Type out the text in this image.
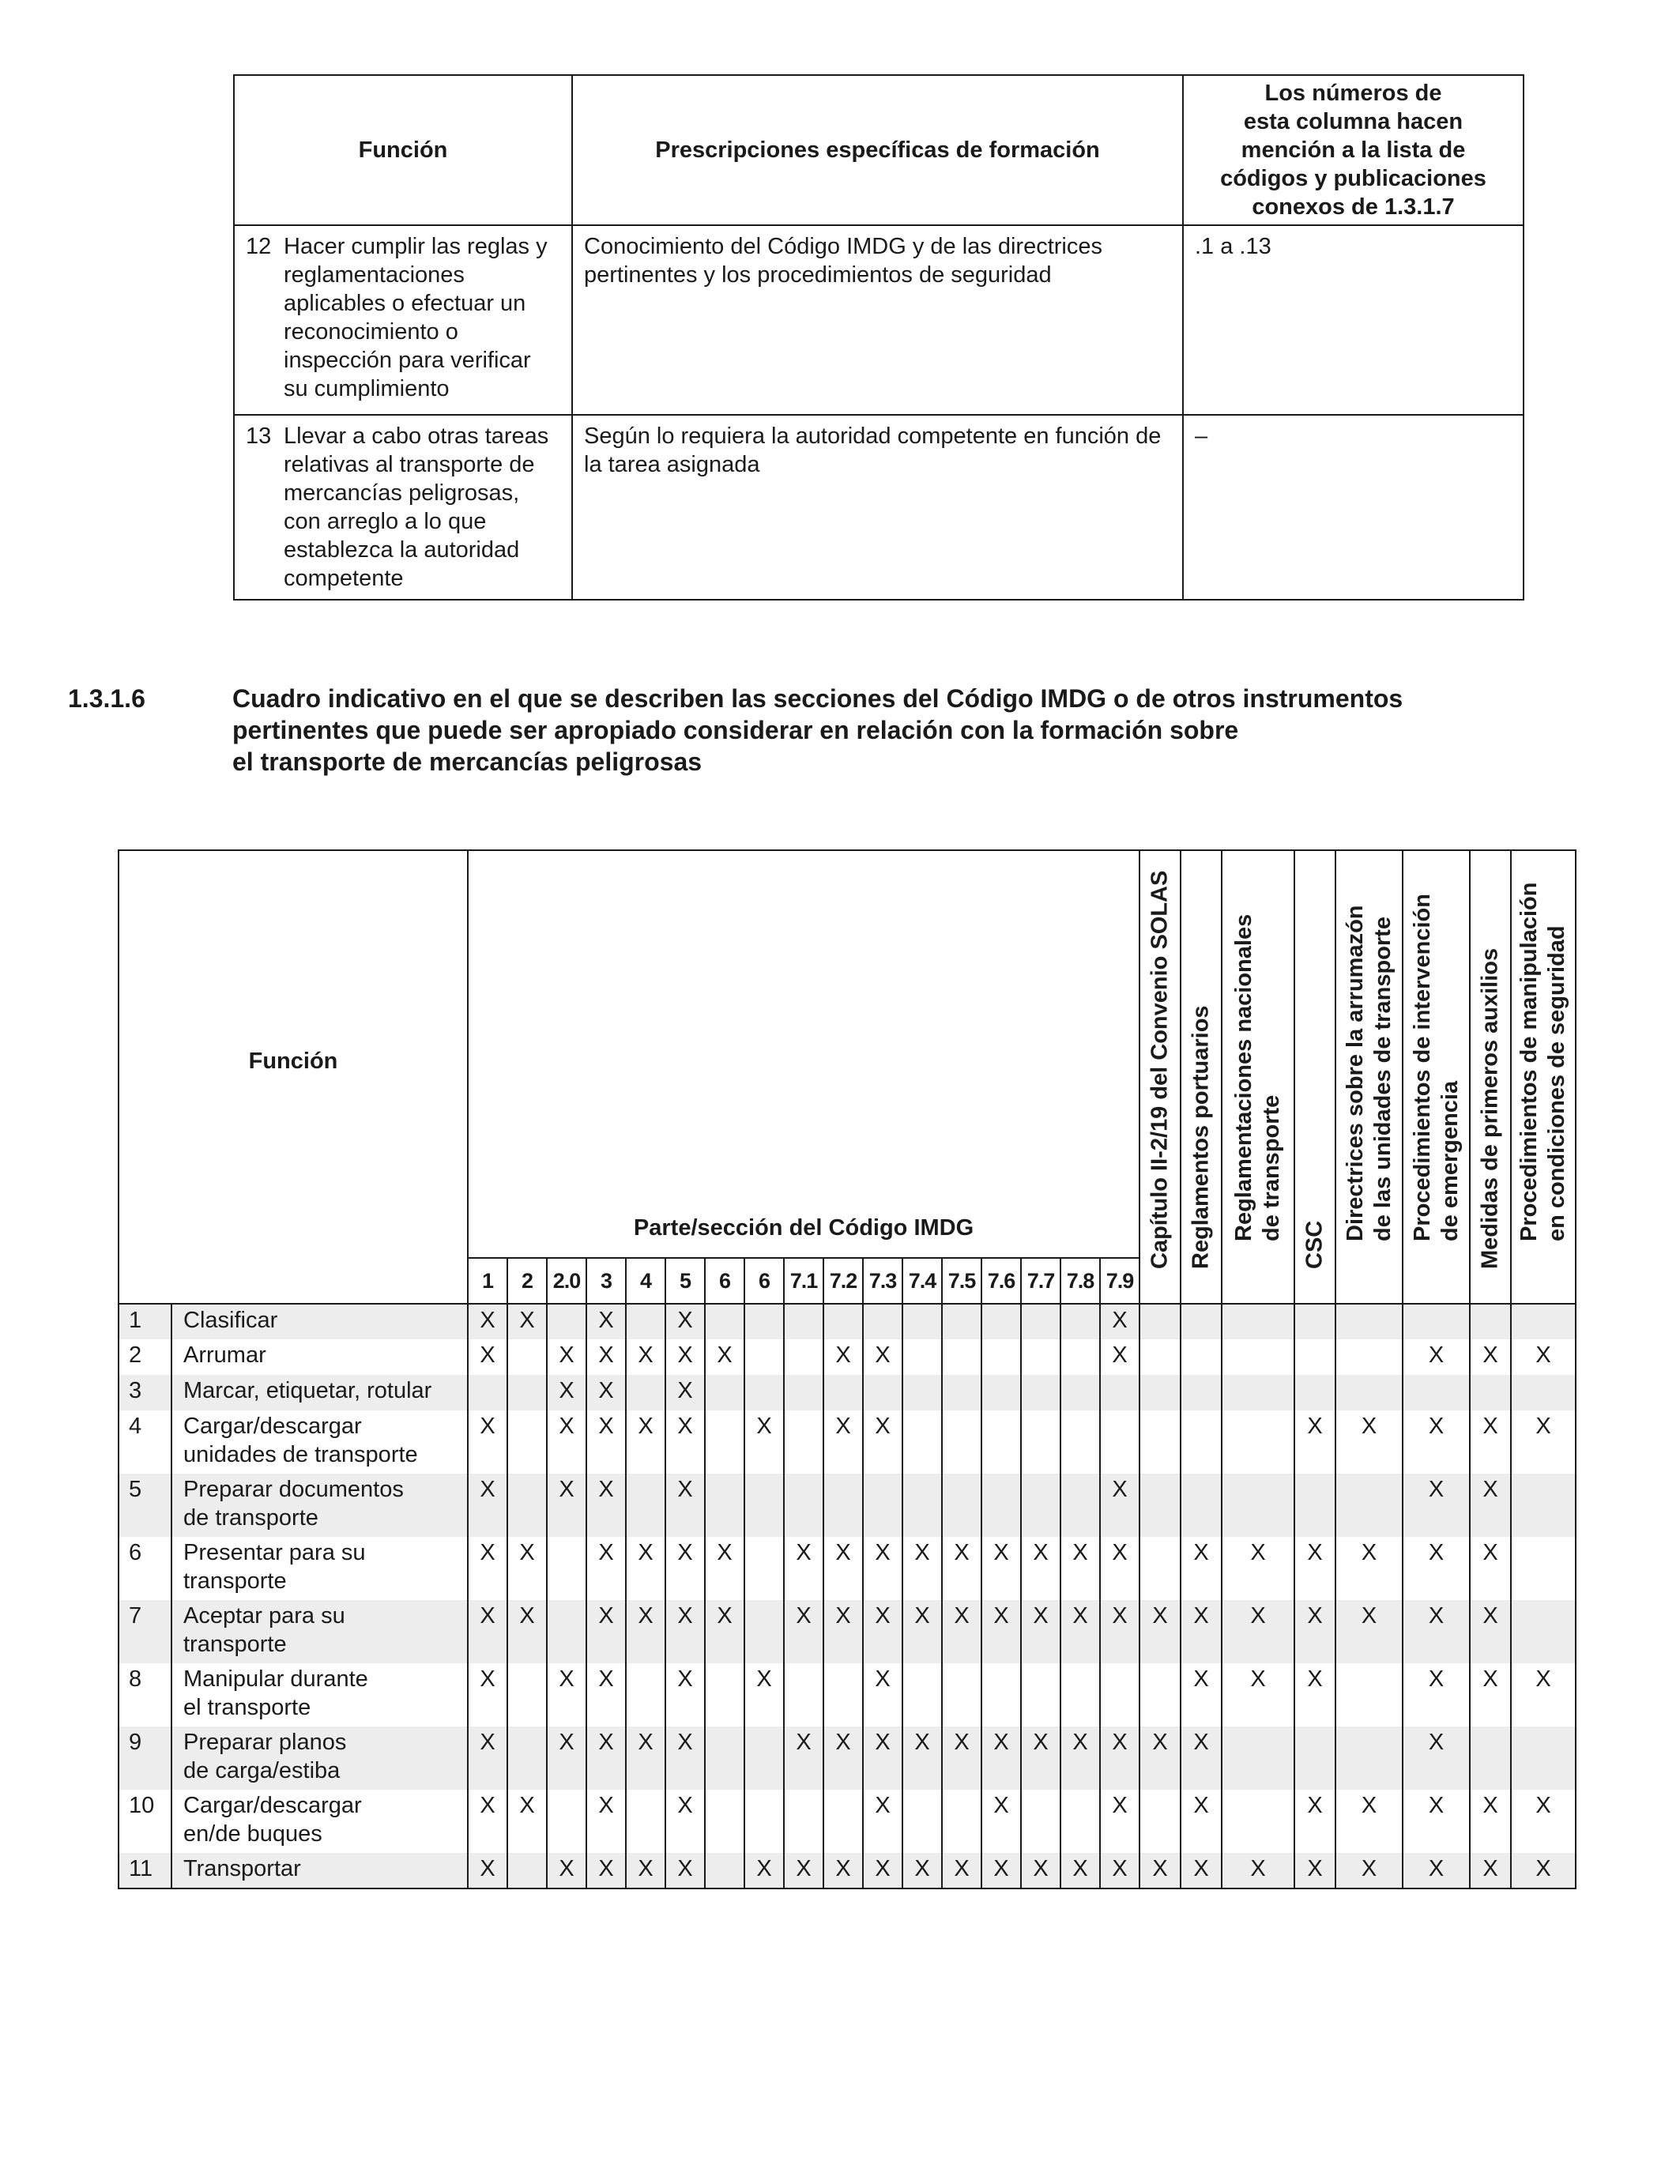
Función	Prescripciones específicas de formación	Los números de
esta columna hacen
mención a la lista de
códigos y publicaciones
conexos de 1.3.1.7

12 Hacer cumplir las reglas y reglamentaciones aplicables o efectuar un reconocimiento o inspección para verificar su cumplimiento	Conocimiento del Código IMDG y de las directrices pertinentes y los procedimientos de seguridad	.1 a .13

13 Llevar a cabo otras tareas relativas al transporte de mercancías peligrosas, con arreglo a lo que establezca la autoridad competente	Según lo requiera la autoridad competente en función de la tarea asignada	–
1.3.1.6	Cuadro indicativo en el que se describen las secciones del Código IMDG o de otros instrumentos
pertinentes que puede ser apropiado considerar en relación con la formación sobre
el transporte de mercancías peligrosas
Función		Parte/sección del Código IMDG																	Capítulo II-2/19 del Convenio SOLAS	Reglamentos portuarios	Reglamentaciones nacionales
de transporte	CSC	Directrices sobre la arrumazón
de las unidades de transporte	Procedimientos de intervención
de emergencia	Medidas de primeros auxilios	Procedimientos de manipulación
en condiciones de seguridad

		1	2	2.0	3	4	5	6	6	7.1	7.2	7.3	7.4	7.5	7.6	7.7	7.8	7.9								
1	Clasificar	X	X		X		X											X								
2	Arrumar	X		X	X	X	X	X			X	X						X						X	X	X
3	Marcar, etiquetar, rotular			X	X		X																			
4	Cargar/descargar
unidades de transporte	X		X	X	X	X		X		X	X										X	X	X	X	X
5	Preparar documentos
de transporte	X		X	X		X											X						X	X	
6	Presentar para su
transporte	X	X		X	X	X	X		X	X	X	X	X	X	X	X	X		X	X	X	X	X	X	
7	Aceptar para su
transporte	X	X		X	X	X	X		X	X	X	X	X	X	X	X	X	X	X	X	X	X	X	X	
8	Manipular durante
el transporte	X		X	X		X		X			X								X	X	X		X	X	X
9	Preparar planos
de carga/estiba	X		X	X	X	X			X	X	X	X	X	X	X	X	X	X	X				X		
10	Cargar/descargar
en/de buques	X	X		X		X					X			X			X		X		X	X	X	X	X
11	Transportar	X		X	X	X	X		X	X	X	X	X	X	X	X	X	X	X	X	X	X	X	X	X	X
